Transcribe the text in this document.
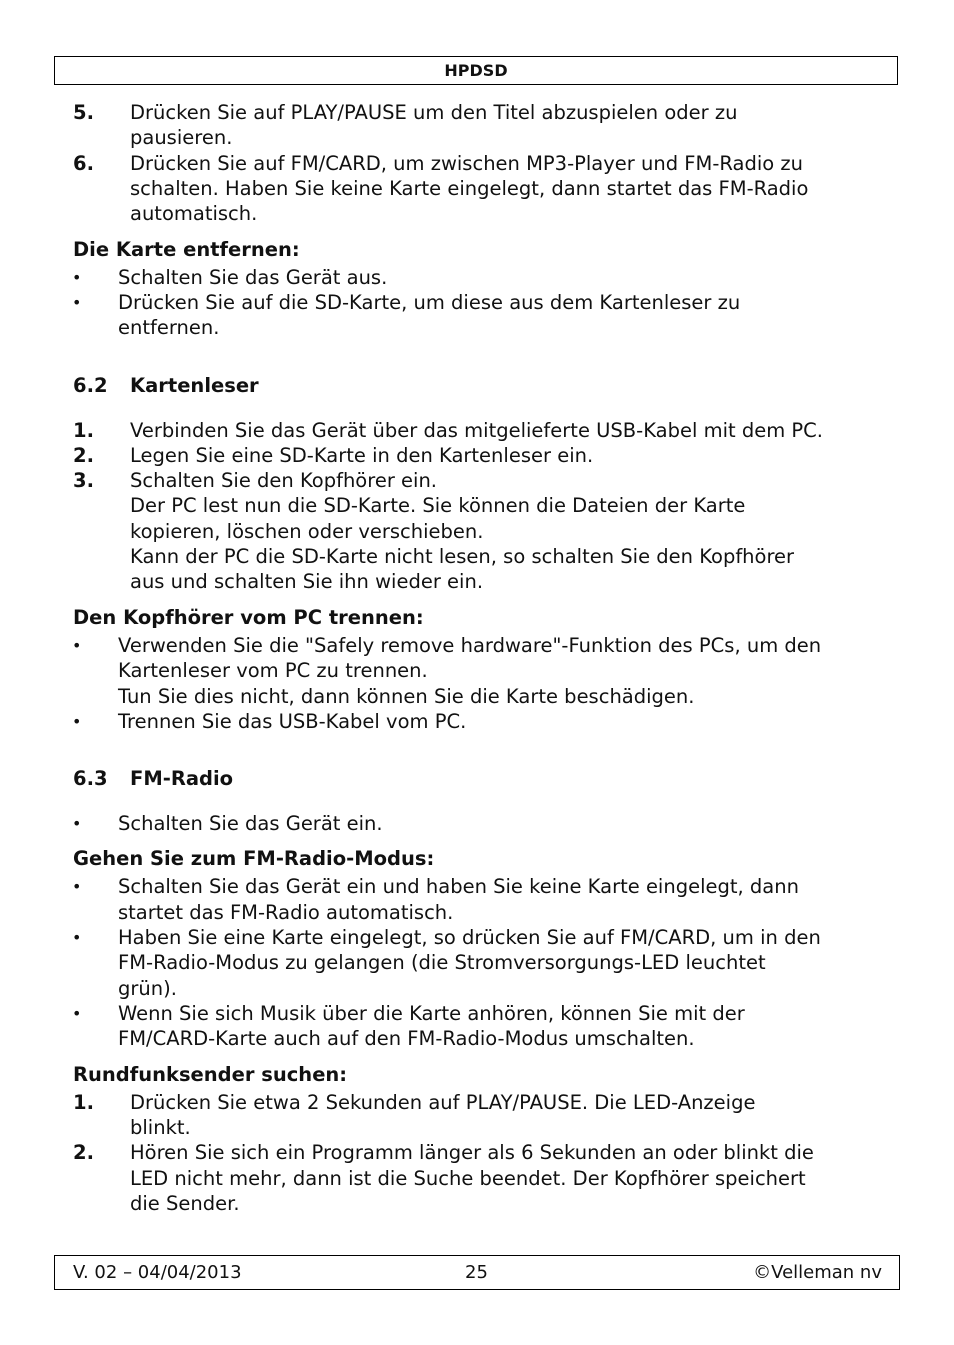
HPDSD
5. Drücken Sie auf PLAY/PAUSE um den Titel abzuspielen oder zu
pausieren.
6. Drücken Sie auf FM/CARD, um zwischen MP3-Player und FM-Radio zu
schalten. Haben Sie keine Karte eingelegt, dann startet das FM-Radio
automatisch.
Die Karte entfernen:
• Schalten Sie das Gerät aus.
• Drücken Sie auf die SD-Karte, um diese aus dem Kartenleser zu
entfernen.
6.2 Kartenleser
1. Verbinden Sie das Gerät über das mitgelieferte USB-Kabel mit dem PC.
2. Legen Sie eine SD-Karte in den Kartenleser ein.
3. Schalten Sie den Kopfhörer ein.
Der PC lest nun die SD-Karte. Sie können die Dateien der Karte
kopieren, löschen oder verschieben.
Kann der PC die SD-Karte nicht lesen, so schalten Sie den Kopfhörer
aus und schalten Sie ihn wieder ein.
Den Kopfhörer vom PC trennen:
• Verwenden Sie die "Safely remove hardware"-Funktion des PCs, um den
Kartenleser vom PC zu trennen.
Tun Sie dies nicht, dann können Sie die Karte beschädigen.
• Trennen Sie das USB-Kabel vom PC.
6.3 FM-Radio
• Schalten Sie das Gerät ein.
Gehen Sie zum FM-Radio-Modus:
• Schalten Sie das Gerät ein und haben Sie keine Karte eingelegt, dann
startet das FM-Radio automatisch.
• Haben Sie eine Karte eingelegt, so drücken Sie auf FM/CARD, um in den
FM-Radio-Modus zu gelangen (die Stromversorgungs-LED leuchtet
grün).
• Wenn Sie sich Musik über die Karte anhören, können Sie mit der
FM/CARD-Karte auch auf den FM-Radio-Modus umschalten.
Rundfunksender suchen:
1. Drücken Sie etwa 2 Sekunden auf PLAY/PAUSE. Die LED-Anzeige
blinkt.
2. Hören Sie sich ein Programm länger als 6 Sekunden an oder blinkt die
LED nicht mehr, dann ist die Suche beendet. Der Kopfhörer speichert
die Sender.
V. 02 – 04/04/2013	25	©Velleman nv
